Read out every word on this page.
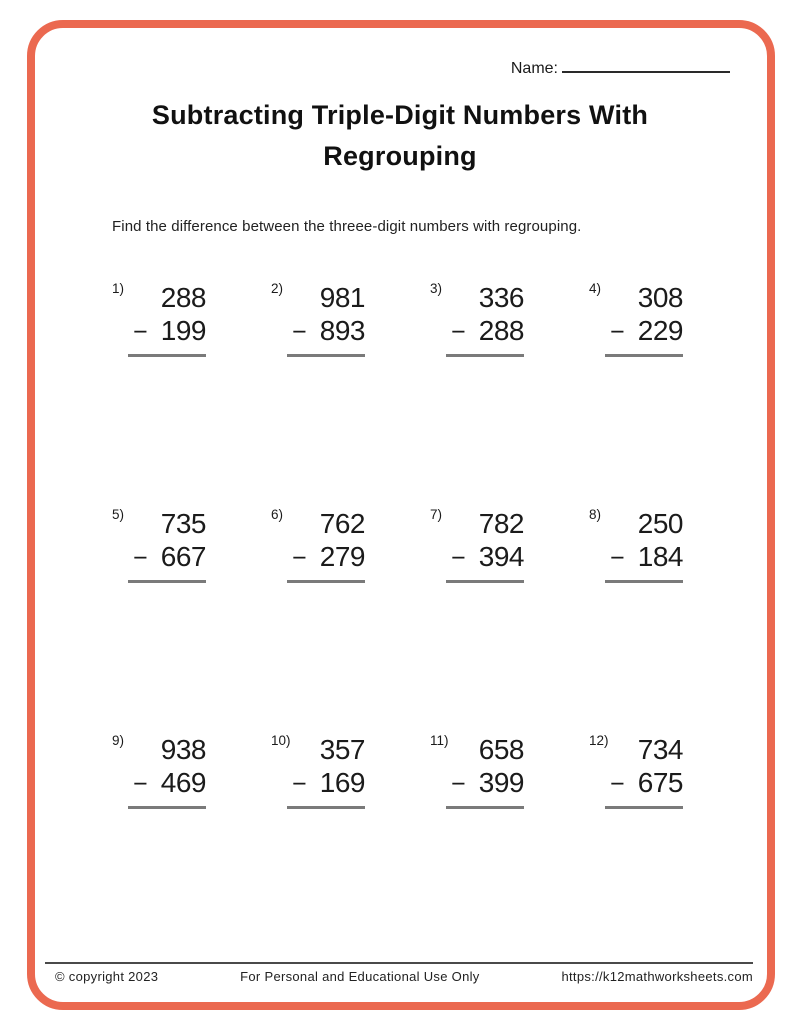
Name:
Subtracting Triple-Digit Numbers With
Regrouping
Find the difference between the threee-digit numbers with regrouping.
1)	288
− 199
2)	981
− 893
3)	336
− 288
4)	308
− 229
5)	735
− 667
6)	762
− 279
7)	782
− 394
8)	250
− 184
9)	938
− 469
10)	357
− 169
11)	658
− 399
12)	734
− 675
© copyright 2023	For Personal and Educational Use Only	https://k12mathworksheets.com
